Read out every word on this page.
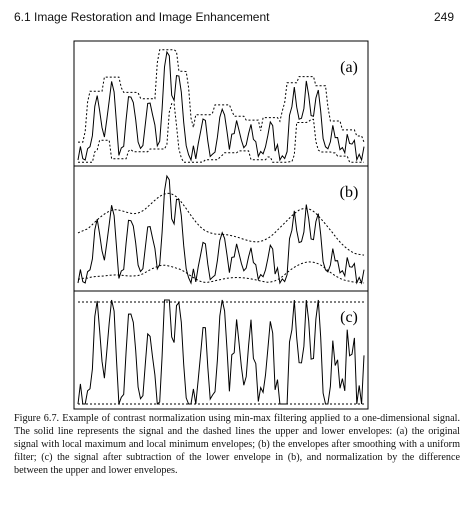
6.1 Image Restoration and Image Enhancement	249
(a)
(b)
(c)
Figure 6.7. Example of contrast normalization using min-max filtering applied to a one-dimensional signal. The solid line represents the signal and the dashed lines the upper and lower envelopes: (a) the original signal with local maximum and local minimum envelopes; (b) the envelopes after smoothing with a uniform filter; (c) the signal after subtraction of the lower envelope in (b), and normalization by the difference between the upper and lower envelopes.
